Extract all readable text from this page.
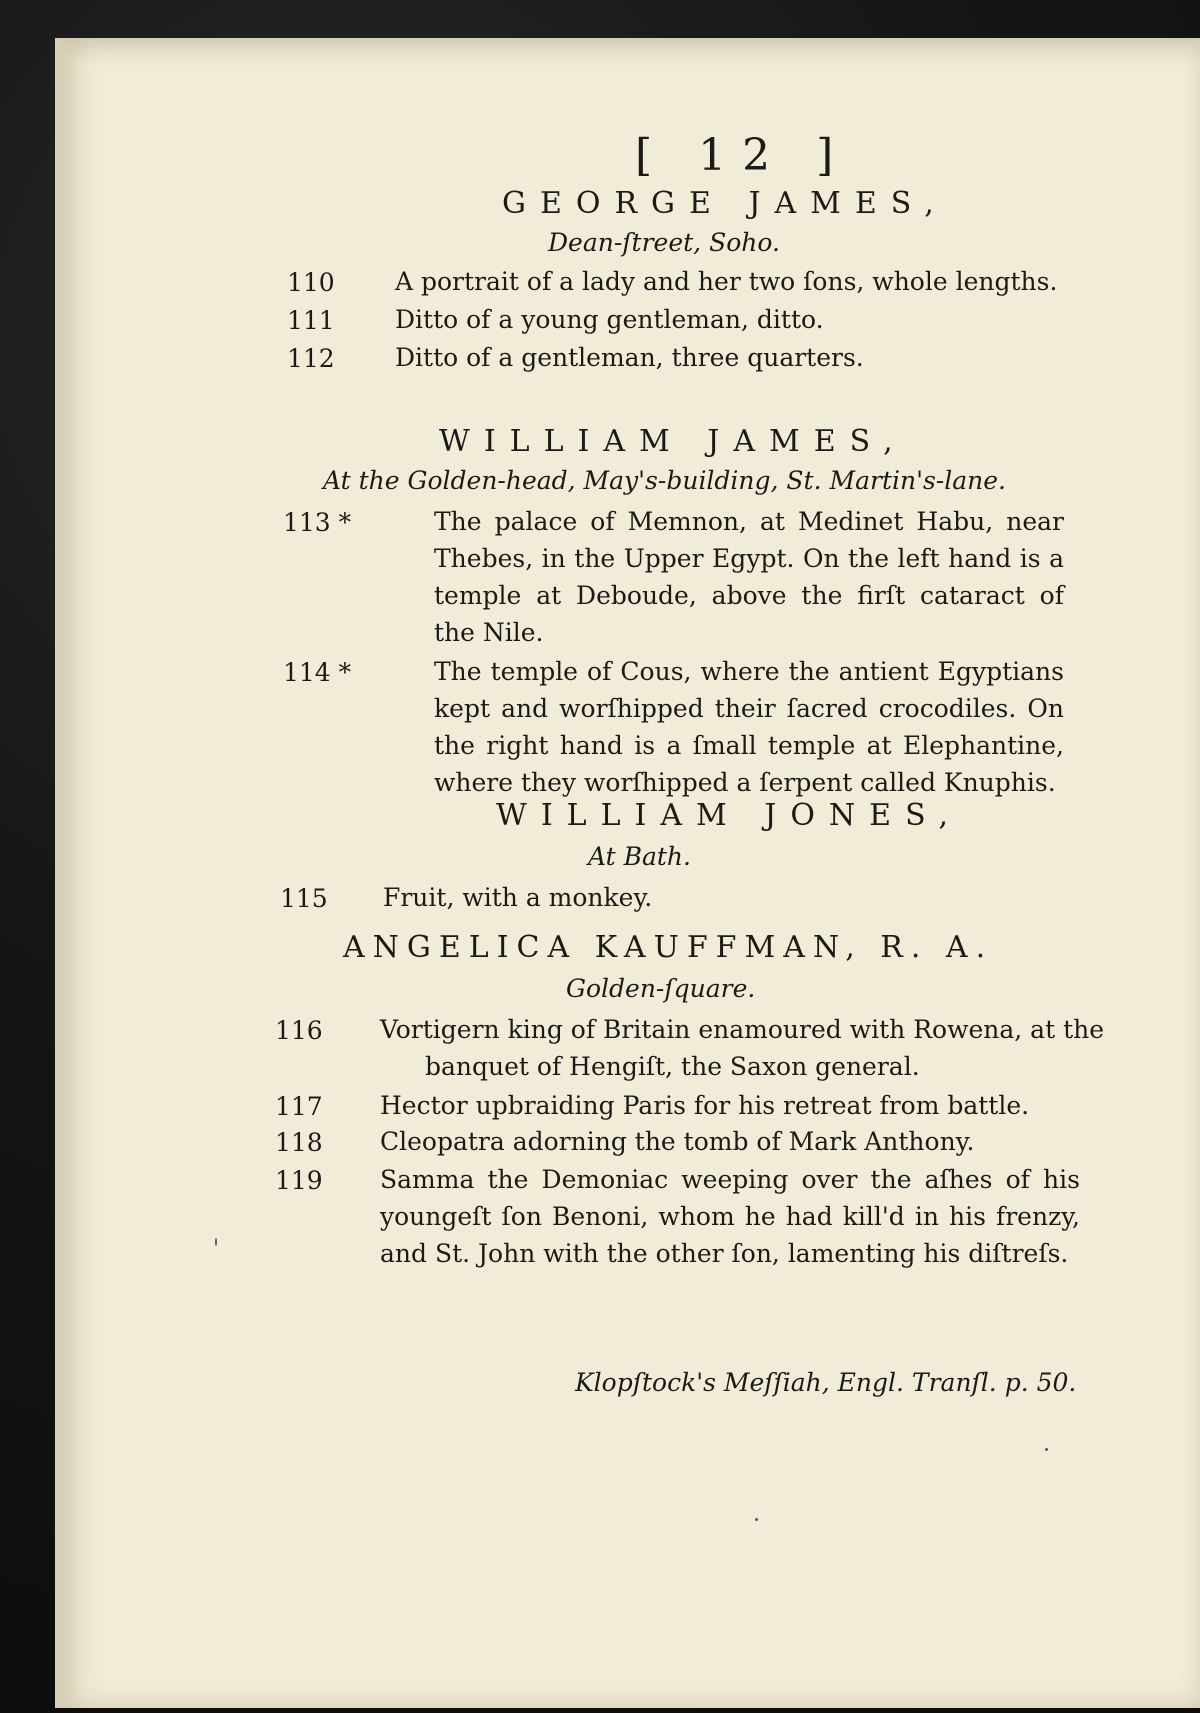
[ 12 ]
GEORGE JAMES,
Dean-ſtreet, Soho.
110 A portrait of a lady and her two ſons, whole lengths.
111 Ditto of a young gentleman, ditto.
112 Ditto of a gentleman, three quarters.
WILLIAM JAMES,
At the Golden-head, May's-building, St. Martin's-lane.
113 *	The palace of Memnon, at Medinet Habu, near Thebes, in the Upper Egypt. On the left hand is a temple at Deboude, above the firſt cataract of the Nile.
114 *	The temple of Cous, where the antient Egyptians kept and worſhipped their ſacred crocodiles. On the right hand is a ſmall temple at Elephantine, where they worſhipped a ſerpent called Knuphis.
WILLIAM JONES,
At Bath.
115 Fruit, with a monkey.
ANGELICA KAUFFMAN, R. A.
Golden-ſquare.
116 Vortigern king of Britain enamoured with Rowena, at the banquet of Hengiſt, the Saxon general.
117 Hector upbraiding Paris for his retreat from battle.
118 Cleopatra adorning the tomb of Mark Anthony.
119 Samma the Demoniac weeping over the aſhes of his youngeſt ſon Benoni, whom he had kill'd in his frenzy, and St. John with the other ſon, lamenting his diſtreſs.
Klopſtock's Meſſiah, Engl. Tranſl. p. 50.
